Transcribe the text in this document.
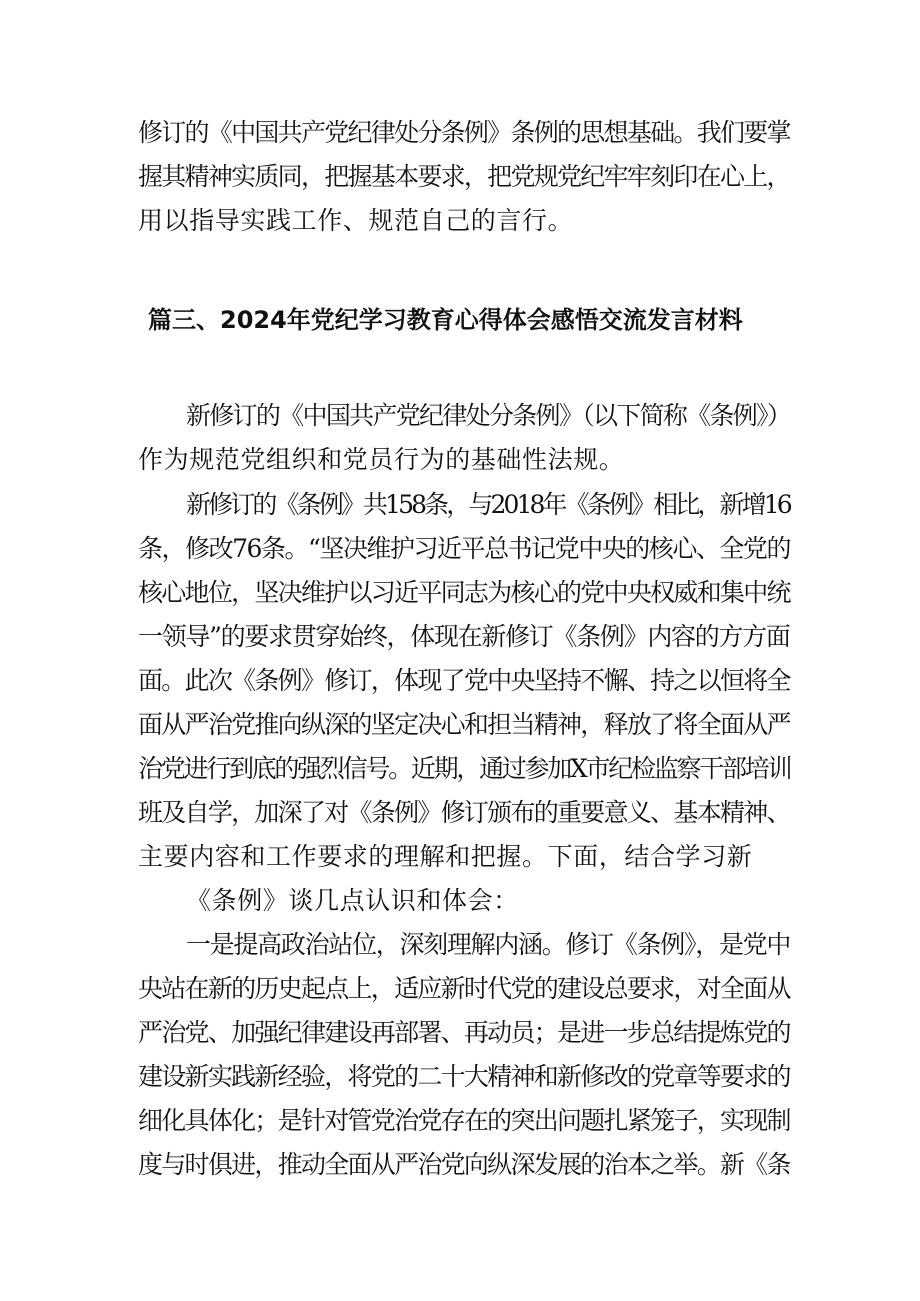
修订的《中国共产党纪律处分条例》条例的思想基础。我们要掌
握其精神实质同，把握基本要求，把党规党纪牢牢刻印在心上，
用以指导实践工作、规范自己的言行。
篇三、2024年党纪学习教育心得体会感悟交流发言材料
新修订的《中国共产党纪律处分条例》（以下简称《条例》）
作为规范党组织和党员行为的基础性法规。
新修订的《条例》共158条，与2018年《条例》相比，新增16
条，修改76条。“坚决维护习近平总书记党中央的核心、全党的
核心地位，坚决维护以习近平同志为核心的党中央权威和集中统
一领导”的要求贯穿始终，体现在新修订《条例》内容的方方面
面。此次《条例》修订，体现了党中央坚持不懈、持之以恒将全
面从严治党推向纵深的坚定决心和担当精神，释放了将全面从严
治党进行到底的强烈信号。近期，通过参加X市纪检监察干部培训
班及自学，加深了对《条例》修订颁布的重要意义、基本精神、
主要内容和工作要求的理解和把握。下面，结合学习新
《条例》谈几点认识和体会：
一是提高政治站位，深刻理解内涵。修订《条例》，是党中
央站在新的历史起点上，适应新时代党的建设总要求，对全面从
严治党、加强纪律建设再部署、再动员；是进一步总结提炼党的
建设新实践新经验，将党的二十大精神和新修改的党章等要求的
细化具体化；是针对管党治党存在的突出问题扎紧笼子，实现制
度与时俱进，推动全面从严治党向纵深发展的治本之举。新《条
